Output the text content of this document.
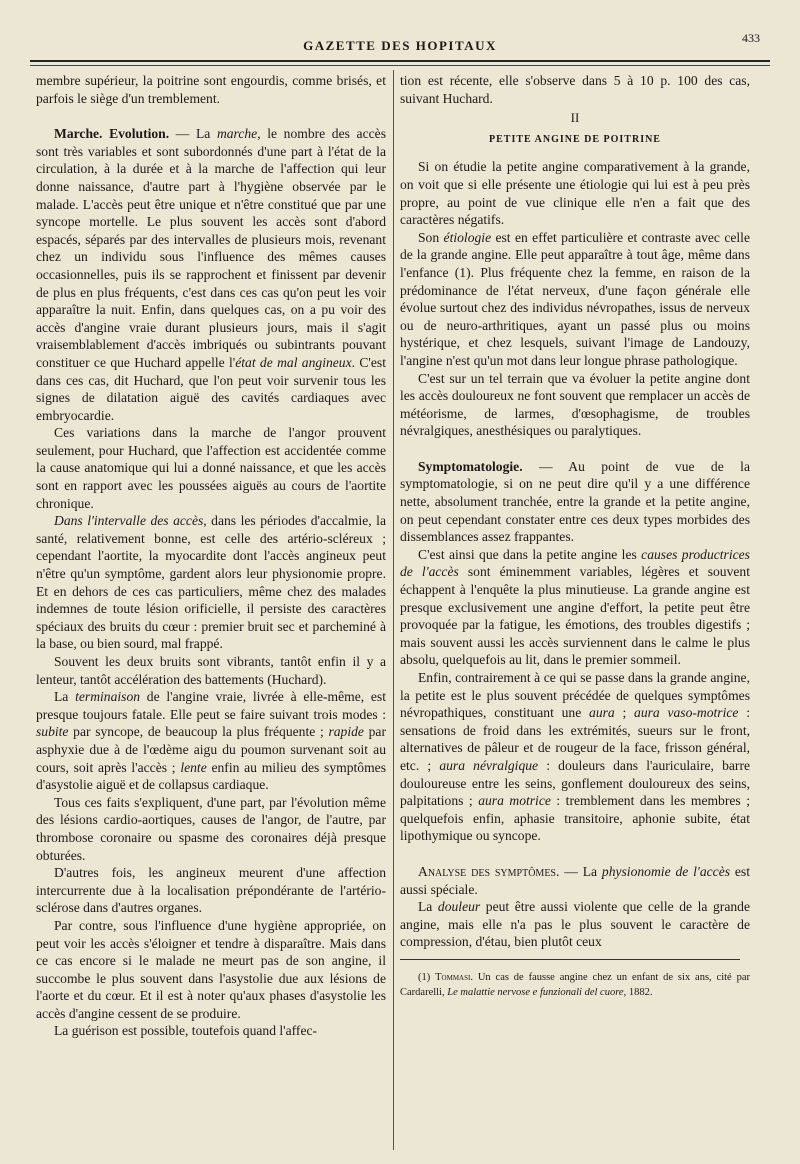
GAZETTE DES HOPITAUX	433

membre supérieur, la poitrine sont engourdis, comme brisés, et parfois le siège d'un tremblement.

Marche. Evolution. — La marche, le nombre des accès sont très variables et sont subordonnés d'une part à l'état de la circulation, à la durée et à la marche de l'affection qui leur donne naissance, d'autre part à l'hygiène observée par le malade. L'accès peut être unique et n'être constitué que par une syncope mortelle. Le plus souvent les accès sont d'abord espacés, séparés par des intervalles de plusieurs mois, revenant chez un individu sous l'influence des mêmes causes occasionnelles, puis ils se rapprochent et finissent par devenir de plus en plus fréquents, c'est dans ces cas qu'on peut les voir apparaître la nuit. Enfin, dans quelques cas, on a pu voir des accès d'angine vraie durant plusieurs jours, mais il s'agit vraisemblablement d'accès imbriqués ou subintrants pouvant constituer ce que Huchard appelle l'état de mal angineux. C'est dans ces cas, dit Huchard, que l'on peut voir survenir tous les signes de dilatation aiguë des cavités cardiaques avec embryocardie.

Ces variations dans la marche de l'angor prouvent seulement, pour Huchard, que l'affection est accidentée comme la cause anatomique qui lui a donné naissance, et que les accès sont en rapport avec les poussées aiguës au cours de l'aortite chronique.

Dans l'intervalle des accès, dans les périodes d'accalmie, la santé, relativement bonne, est celle des artério-scléreux ; cependant l'aortite, la myocardite dont l'accès angineux peut n'être qu'un symptôme, gardent alors leur physionomie propre. Et en dehors de ces cas particuliers, même chez des malades indemnes de toute lésion orificielle, il persiste des caractères spéciaux des bruits du cœur : premier bruit sec et parcheminé à la base, ou bien sourd, mal frappé.

Souvent les deux bruits sont vibrants, tantôt enfin il y a lenteur, tantôt accélération des battements (Huchard).

La terminaison de l'angine vraie, livrée à elle-même, est presque toujours fatale. Elle peut se faire suivant trois modes : subite par syncope, de beaucoup la plus fréquente ; rapide par asphyxie due à de l'œdème aigu du poumon survenant soit au cours, soit après l'accès ; lente enfin au milieu des symptômes d'asystolie aiguë et de collapsus cardiaque.

Tous ces faits s'expliquent, d'une part, par l'évolution même des lésions cardio-aortiques, causes de l'angor, de l'autre, par thrombose coronaire ou spasme des coronaires déjà presque obturées.

D'autres fois, les angineux meurent d'une affection intercurrente due à la localisation prépondérante de l'artério-sclérose dans d'autres organes.

Par contre, sous l'influence d'une hygiène appropriée, on peut voir les accès s'éloigner et tendre à disparaître. Mais dans ce cas encore si le malade ne meurt pas de son angine, il succombe le plus souvent dans l'asystolie due aux lésions de l'aorte et du cœur. Et il est à noter qu'aux phases d'asystolie les accès d'angine cessent de se produire.

La guérison est possible, toutefois quand l'affec-

tion est récente, elle s'observe dans 5 à 10 p. 100 des cas, suivant Huchard.

II
PETITE ANGINE DE POITRINE

Si on étudie la petite angine comparativement à la grande, on voit que si elle présente une étiologie qui lui est à peu près propre, au point de vue clinique elle n'en a fait que des caractères négatifs.

Son étiologie est en effet particulière et contraste avec celle de la grande angine. Elle peut apparaître à tout âge, même dans l'enfance (1). Plus fréquente chez la femme, en raison de la prédominance de l'état nerveux, d'une façon générale elle évolue surtout chez des individus névropathes, issus de nerveux ou de neuro-arthritiques, ayant un passé plus ou moins hystérique, et chez lesquels, suivant l'image de Landouzy, l'angine n'est qu'un mot dans leur longue phrase pathologique.

C'est sur un tel terrain que va évoluer la petite angine dont les accès douloureux ne font souvent que remplacer un accès de météorisme, de larmes, d'œsophagisme, de troubles névralgiques, anesthésiques ou paralytiques.

Symptomatologie. — Au point de vue de la symptomatologie, si on ne peut dire qu'il y a une différence nette, absolument tranchée, entre la grande et la petite angine, on peut cependant constater entre ces deux types morbides des dissemblances assez frappantes.

C'est ainsi que dans la petite angine les causes productrices de l'accès sont éminemment variables, légères et souvent échappent à l'enquête la plus minutieuse. La grande angine est presque exclusivement une angine d'effort, la petite peut être provoquée par la fatigue, les émotions, des troubles digestifs ; mais souvent aussi les accès surviennent dans le calme le plus absolu, quelquefois au lit, dans le premier sommeil.

Enfin, contrairement à ce qui se passe dans la grande angine, la petite est le plus souvent précédée de quelques symptômes névropathiques, constituant une aura ; aura vaso-motrice : sensations de froid dans les extrémités, sueurs sur le front, alternatives de pâleur et de rougeur de la face, frisson général, etc. ; aura névralgique : douleurs dans l'auriculaire, barre douloureuse entre les seins, gonflement douloureux des seins, palpitations ; aura motrice : tremblement dans les membres ; quelquefois enfin, aphasie transitoire, aphonie subite, état lipothymique ou syncope.

Analyse des symptômes. — La physionomie de l'accès est aussi spéciale.

La douleur peut être aussi violente que celle de la grande angine, mais elle n'a pas le plus souvent le caractère de compression, d'étau, bien plutôt ceux

(1) Tommasi. Un cas de fausse angine chez un enfant de six ans, cité par Cardarelli, Le malattie nervose e funzionali del cuore, 1882.
